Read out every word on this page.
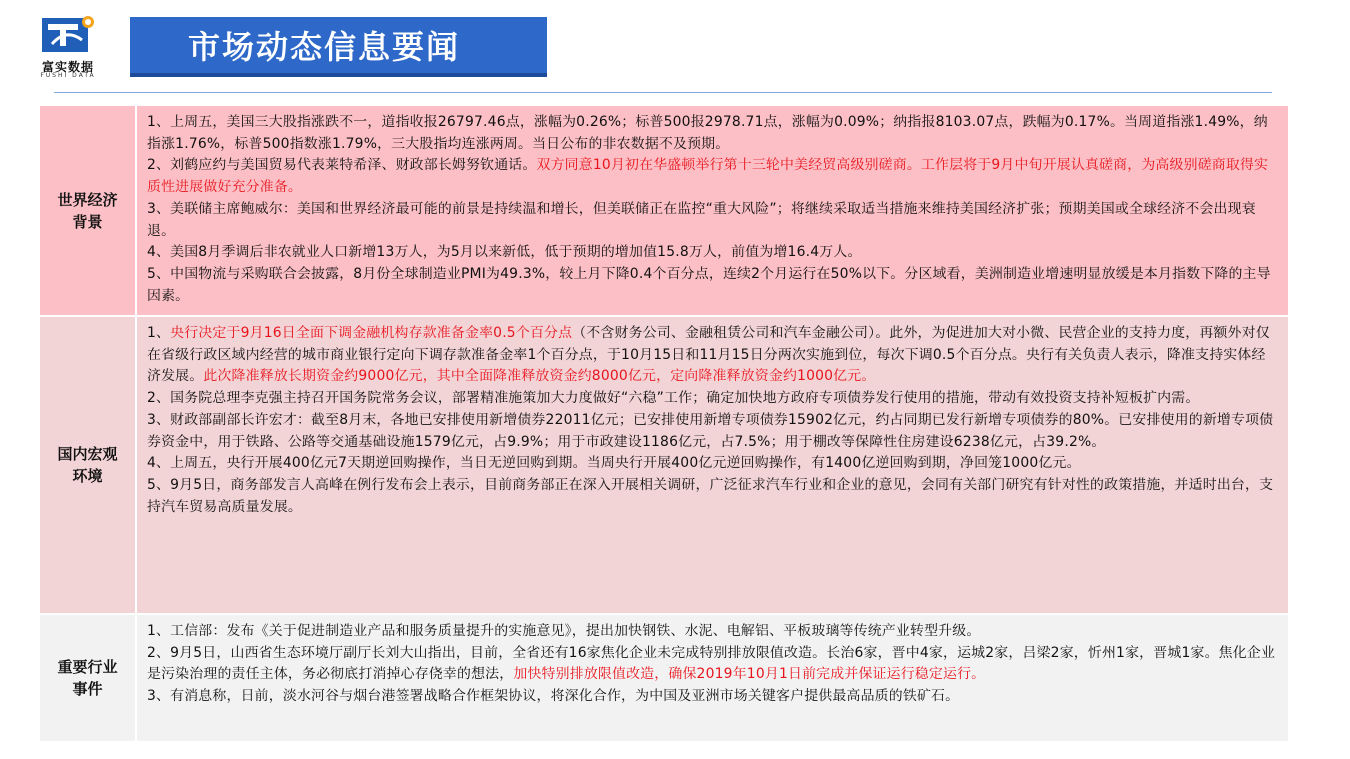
富实数据
FUSHI DATA
市场动态信息要闻
世界经济
背景

1、上周五，美国三大股指涨跌不一，道指收报26797.46点，涨幅为0.26%；标普500报2978.71点，涨幅为0.09%；纳指报8103.07点，跌幅为0.17%。当周道指涨1.49%，纳指涨1.76%，标普500指数涨1.79%，三大股指均连涨两周。当日公布的非农数据不及预期。

2、刘鹤应约与美国贸易代表莱特希泽、财政部长姆努钦通话。双方同意10月初在华盛顿举行第十三轮中美经贸高级别磋商。工作层将于9月中旬开展认真磋商，为高级别磋商取得实质性进展做好充分准备。

3、美联储主席鲍威尔：美国和世界经济最可能的前景是持续温和增长，但美联储正在监控“重大风险”；将继续采取适当措施来维持美国经济扩张；预期美国或全球经济不会出现衰退。

4、美国8月季调后非农就业人口新增13万人，为5月以来新低，低于预期的增加值15.8万人，前值为增16.4万人。

5、中国物流与采购联合会披露，8月份全球制造业PMI为49.3%，较上月下降0.4个百分点，连续2个月运行在50%以下。分区域看，美洲制造业增速明显放缓是本月指数下降的主导因素。

国内宏观
环境

1、央行决定于9月16日全面下调金融机构存款准备金率0.5个百分点（不含财务公司、金融租赁公司和汽车金融公司）。此外，为促进加大对小微、民营企业的支持力度，再额外对仅在省级行政区域内经营的城市商业银行定向下调存款准备金率1个百分点，于10月15日和11月15日分两次实施到位，每次下调0.5个百分点。央行有关负责人表示，降准支持实体经济发展。此次降准释放长期资金约9000亿元，其中全面降准释放资金约8000亿元，定向降准释放资金约1000亿元。

2、国务院总理李克强主持召开国务院常务会议，部署精准施策加大力度做好“六稳”工作；确定加快地方政府专项债券发行使用的措施，带动有效投资支持补短板扩内需。

3、财政部副部长许宏才：截至8月末，各地已安排使用新增债券22011亿元；已安排使用新增专项债券15902亿元，约占同期已发行新增专项债券的80%。已安排使用的新增专项债券资金中，用于铁路、公路等交通基础设施1579亿元，占9.9%；用于市政建设1186亿元，占7.5%；用于棚改等保障性住房建设6238亿元，占39.2%。

4、上周五，央行开展400亿元7天期逆回购操作，当日无逆回购到期。当周央行开展400亿元逆回购操作，有1400亿逆回购到期，净回笼1000亿元。

5、9月5日，商务部发言人高峰在例行发布会上表示，目前商务部正在深入开展相关调研，广泛征求汽车行业和企业的意见，会同有关部门研究有针对性的政策措施，并适时出台，支持汽车贸易高质量发展。

重要行业
事件

1、工信部：发布《关于促进制造业产品和服务质量提升的实施意见》，提出加快钢铁、水泥、电解铝、平板玻璃等传统产业转型升级。

2、9月5日，山西省生态环境厅副厅长刘大山指出，目前，全省还有16家焦化企业未完成特别排放限值改造。长治6家，晋中4家，运城2家，吕梁2家，忻州1家，晋城1家。焦化企业是污染治理的责任主体，务必彻底打消掉心存侥幸的想法，加快特别排放限值改造，确保2019年10月1日前完成并保证运行稳定运行。

3、有消息称，日前，淡水河谷与烟台港签署战略合作框架协议，将深化合作，为中国及亚洲市场关键客户提供最高品质的铁矿石。
